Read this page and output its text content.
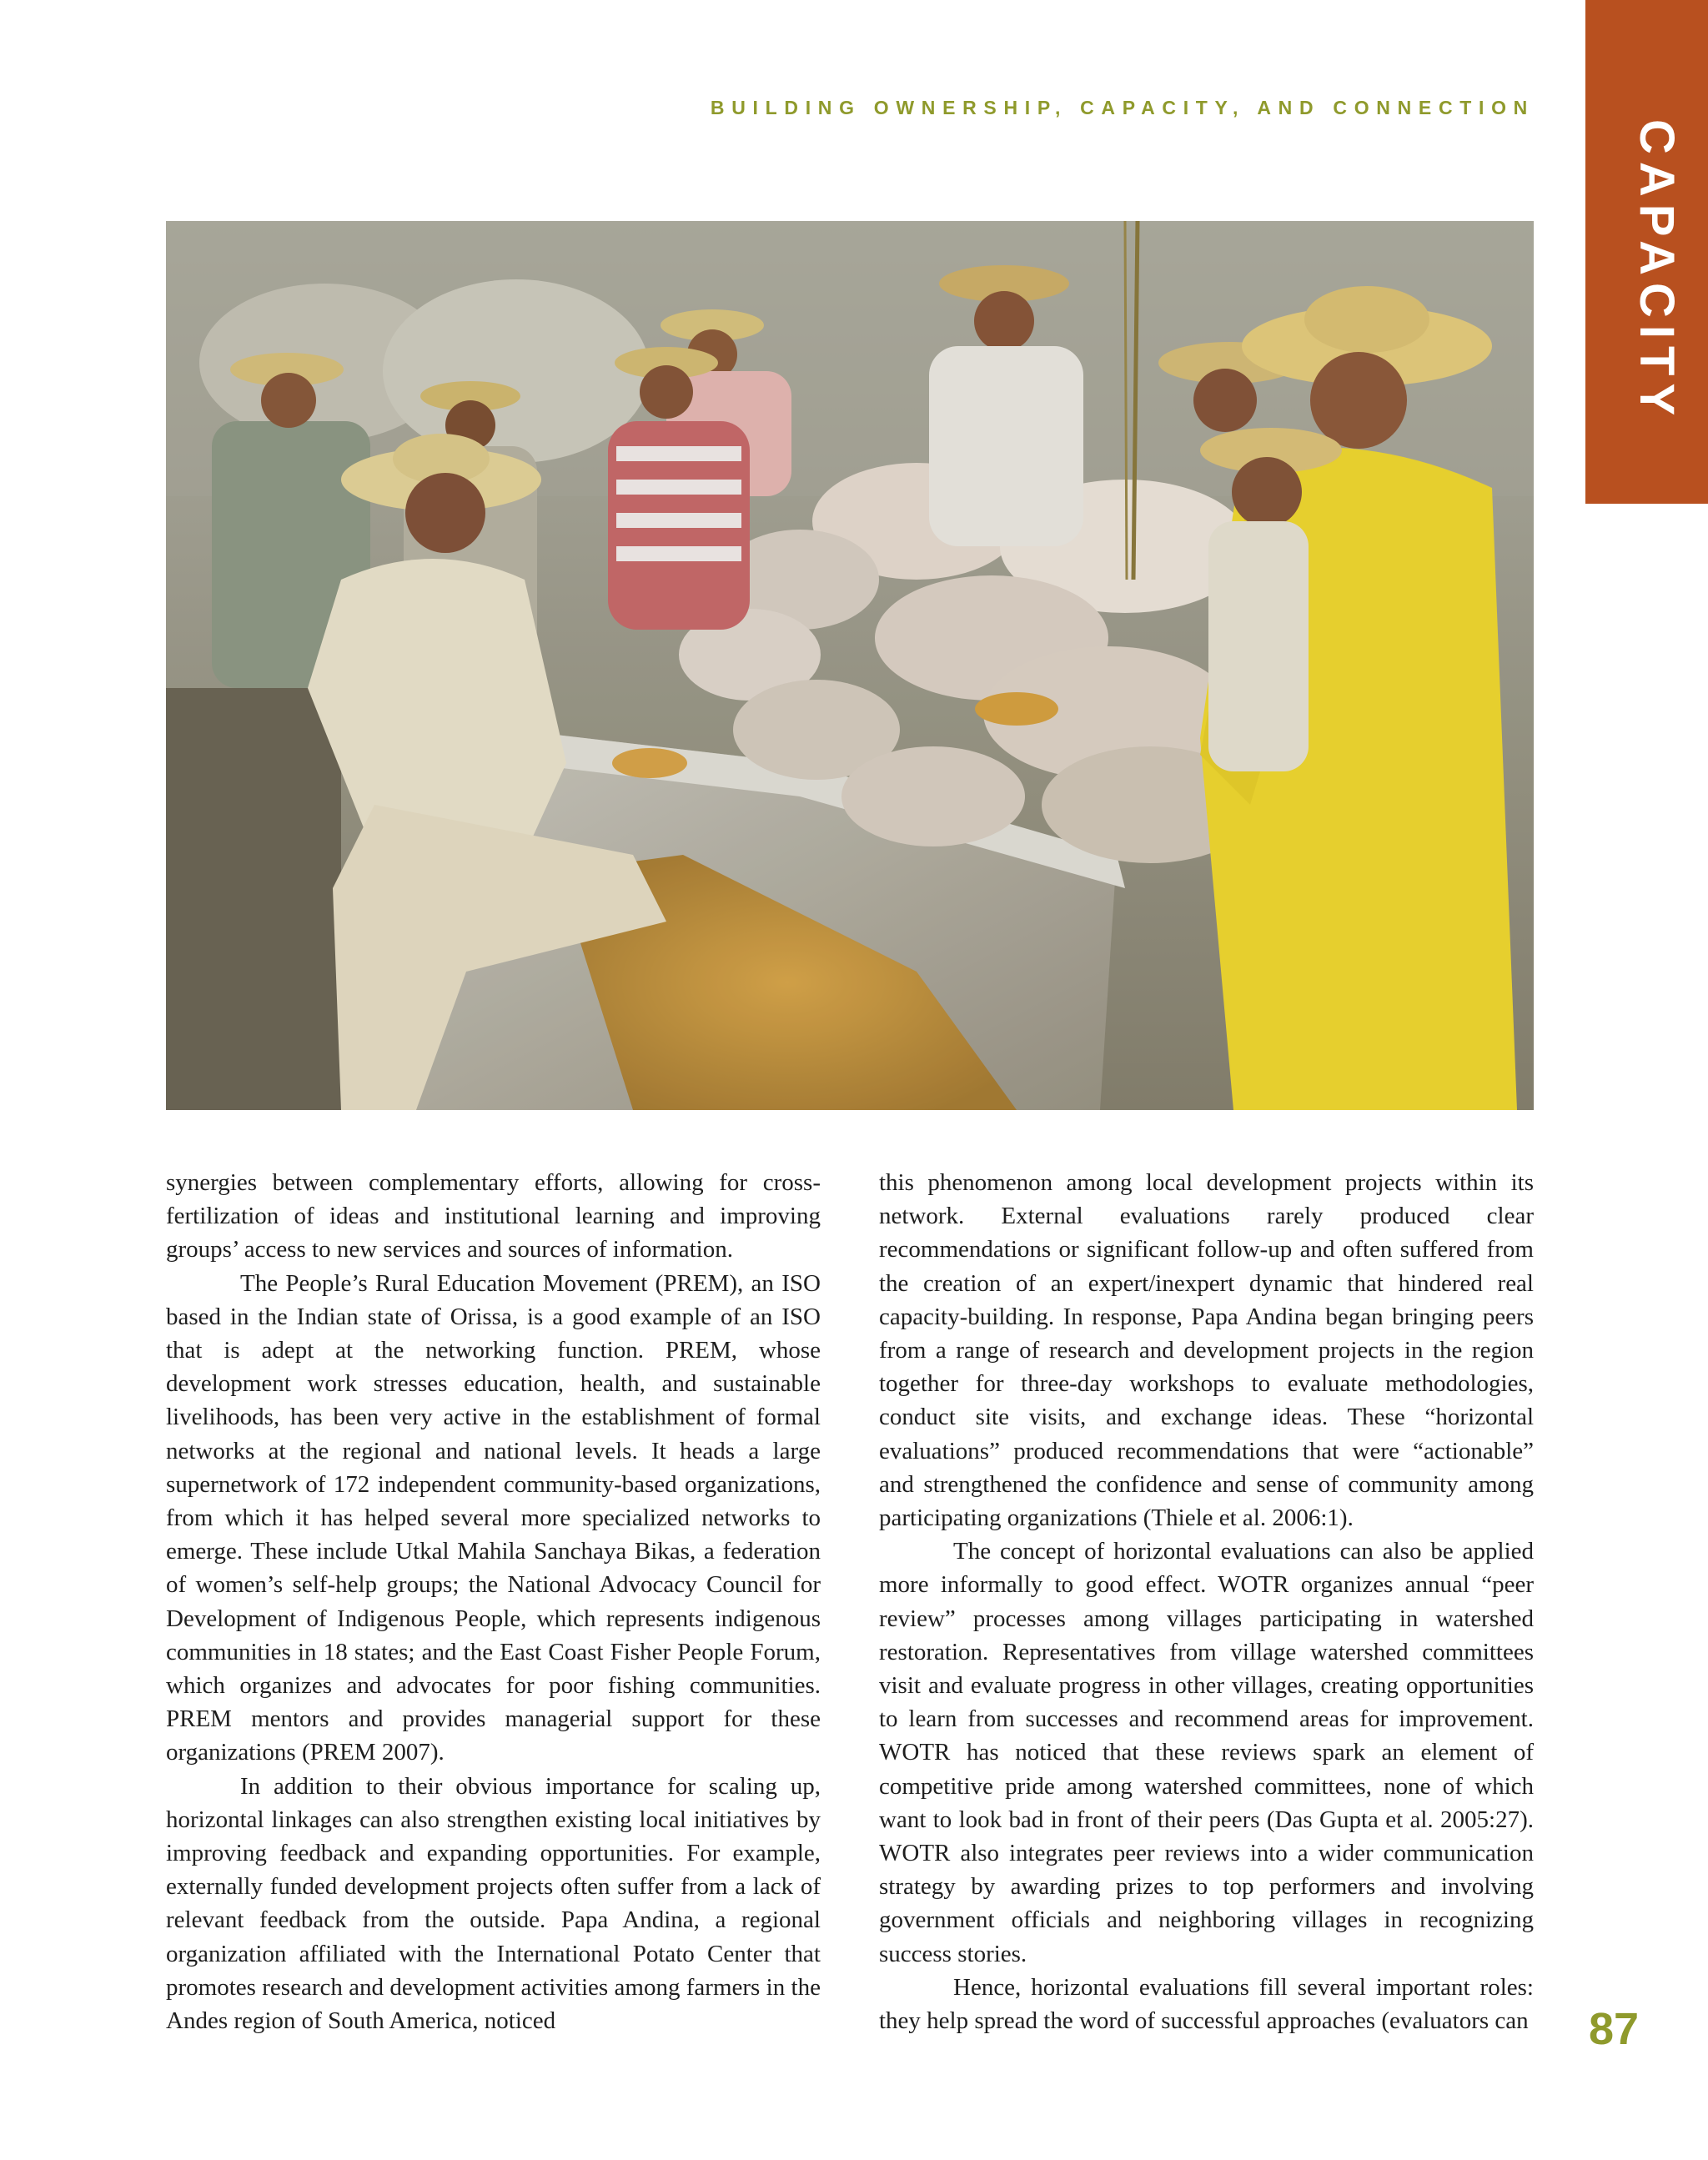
BUILDING OWNERSHIP, CAPACITY, AND CONNECTION
CAPACITY

synergies between complementary efforts, allowing for cross-fertilization of ideas and institutional learning and improving groups’ access to new services and sources of information.

The People’s Rural Education Movement (PREM), an ISO based in the Indian state of Orissa, is a good example of an ISO that is adept at the networking function. PREM, whose development work stresses education, health, and sustainable livelihoods, has been very active in the establishment of formal networks at the regional and national levels. It heads a large supernetwork of 172 independent community-based organizations, from which it has helped several more specialized networks to emerge. These include Utkal Mahila Sanchaya Bikas, a federation of women’s self-help groups; the National Advocacy Council for Development of Indigenous People, which represents indigenous communities in 18 states; and the East Coast Fisher People Forum, which organizes and advocates for poor fishing communities. PREM mentors and provides managerial support for these organizations (PREM 2007).

In addition to their obvious importance for scaling up, horizontal linkages can also strengthen existing local initiatives by improving feedback and expanding opportunities. For example, externally funded development projects often suffer from a lack of relevant feedback from the outside. Papa Andina, a regional organization affiliated with the International Potato Center that promotes research and development activities among farmers in the Andes region of South America, noticed

this phenomenon among local development projects within its network. External evaluations rarely produced clear recommendations or significant follow-up and often suffered from the creation of an expert/inexpert dynamic that hindered real capacity-building. In response, Papa Andina began bringing peers from a range of research and development projects in the region together for three-day workshops to evaluate methodologies, conduct site visits, and exchange ideas. These “horizontal evaluations” produced recommendations that were “actionable” and strengthened the confidence and sense of community among participating organizations (Thiele et al. 2006:1).

The concept of horizontal evaluations can also be applied more informally to good effect. WOTR organizes annual “peer review” processes among villages participating in watershed restoration. Representatives from village watershed committees visit and evaluate progress in other villages, creating opportunities to learn from successes and recommend areas for improvement. WOTR has noticed that these reviews spark an element of competitive pride among watershed committees, none of which want to look bad in front of their peers (Das Gupta et al. 2005:27). WOTR also integrates peer reviews into a wider communication strategy by awarding prizes to top performers and involving government officials and neighboring villages in recognizing success stories.

Hence, horizontal evaluations fill several important roles: they help spread the word of successful approaches (evaluators can 87
